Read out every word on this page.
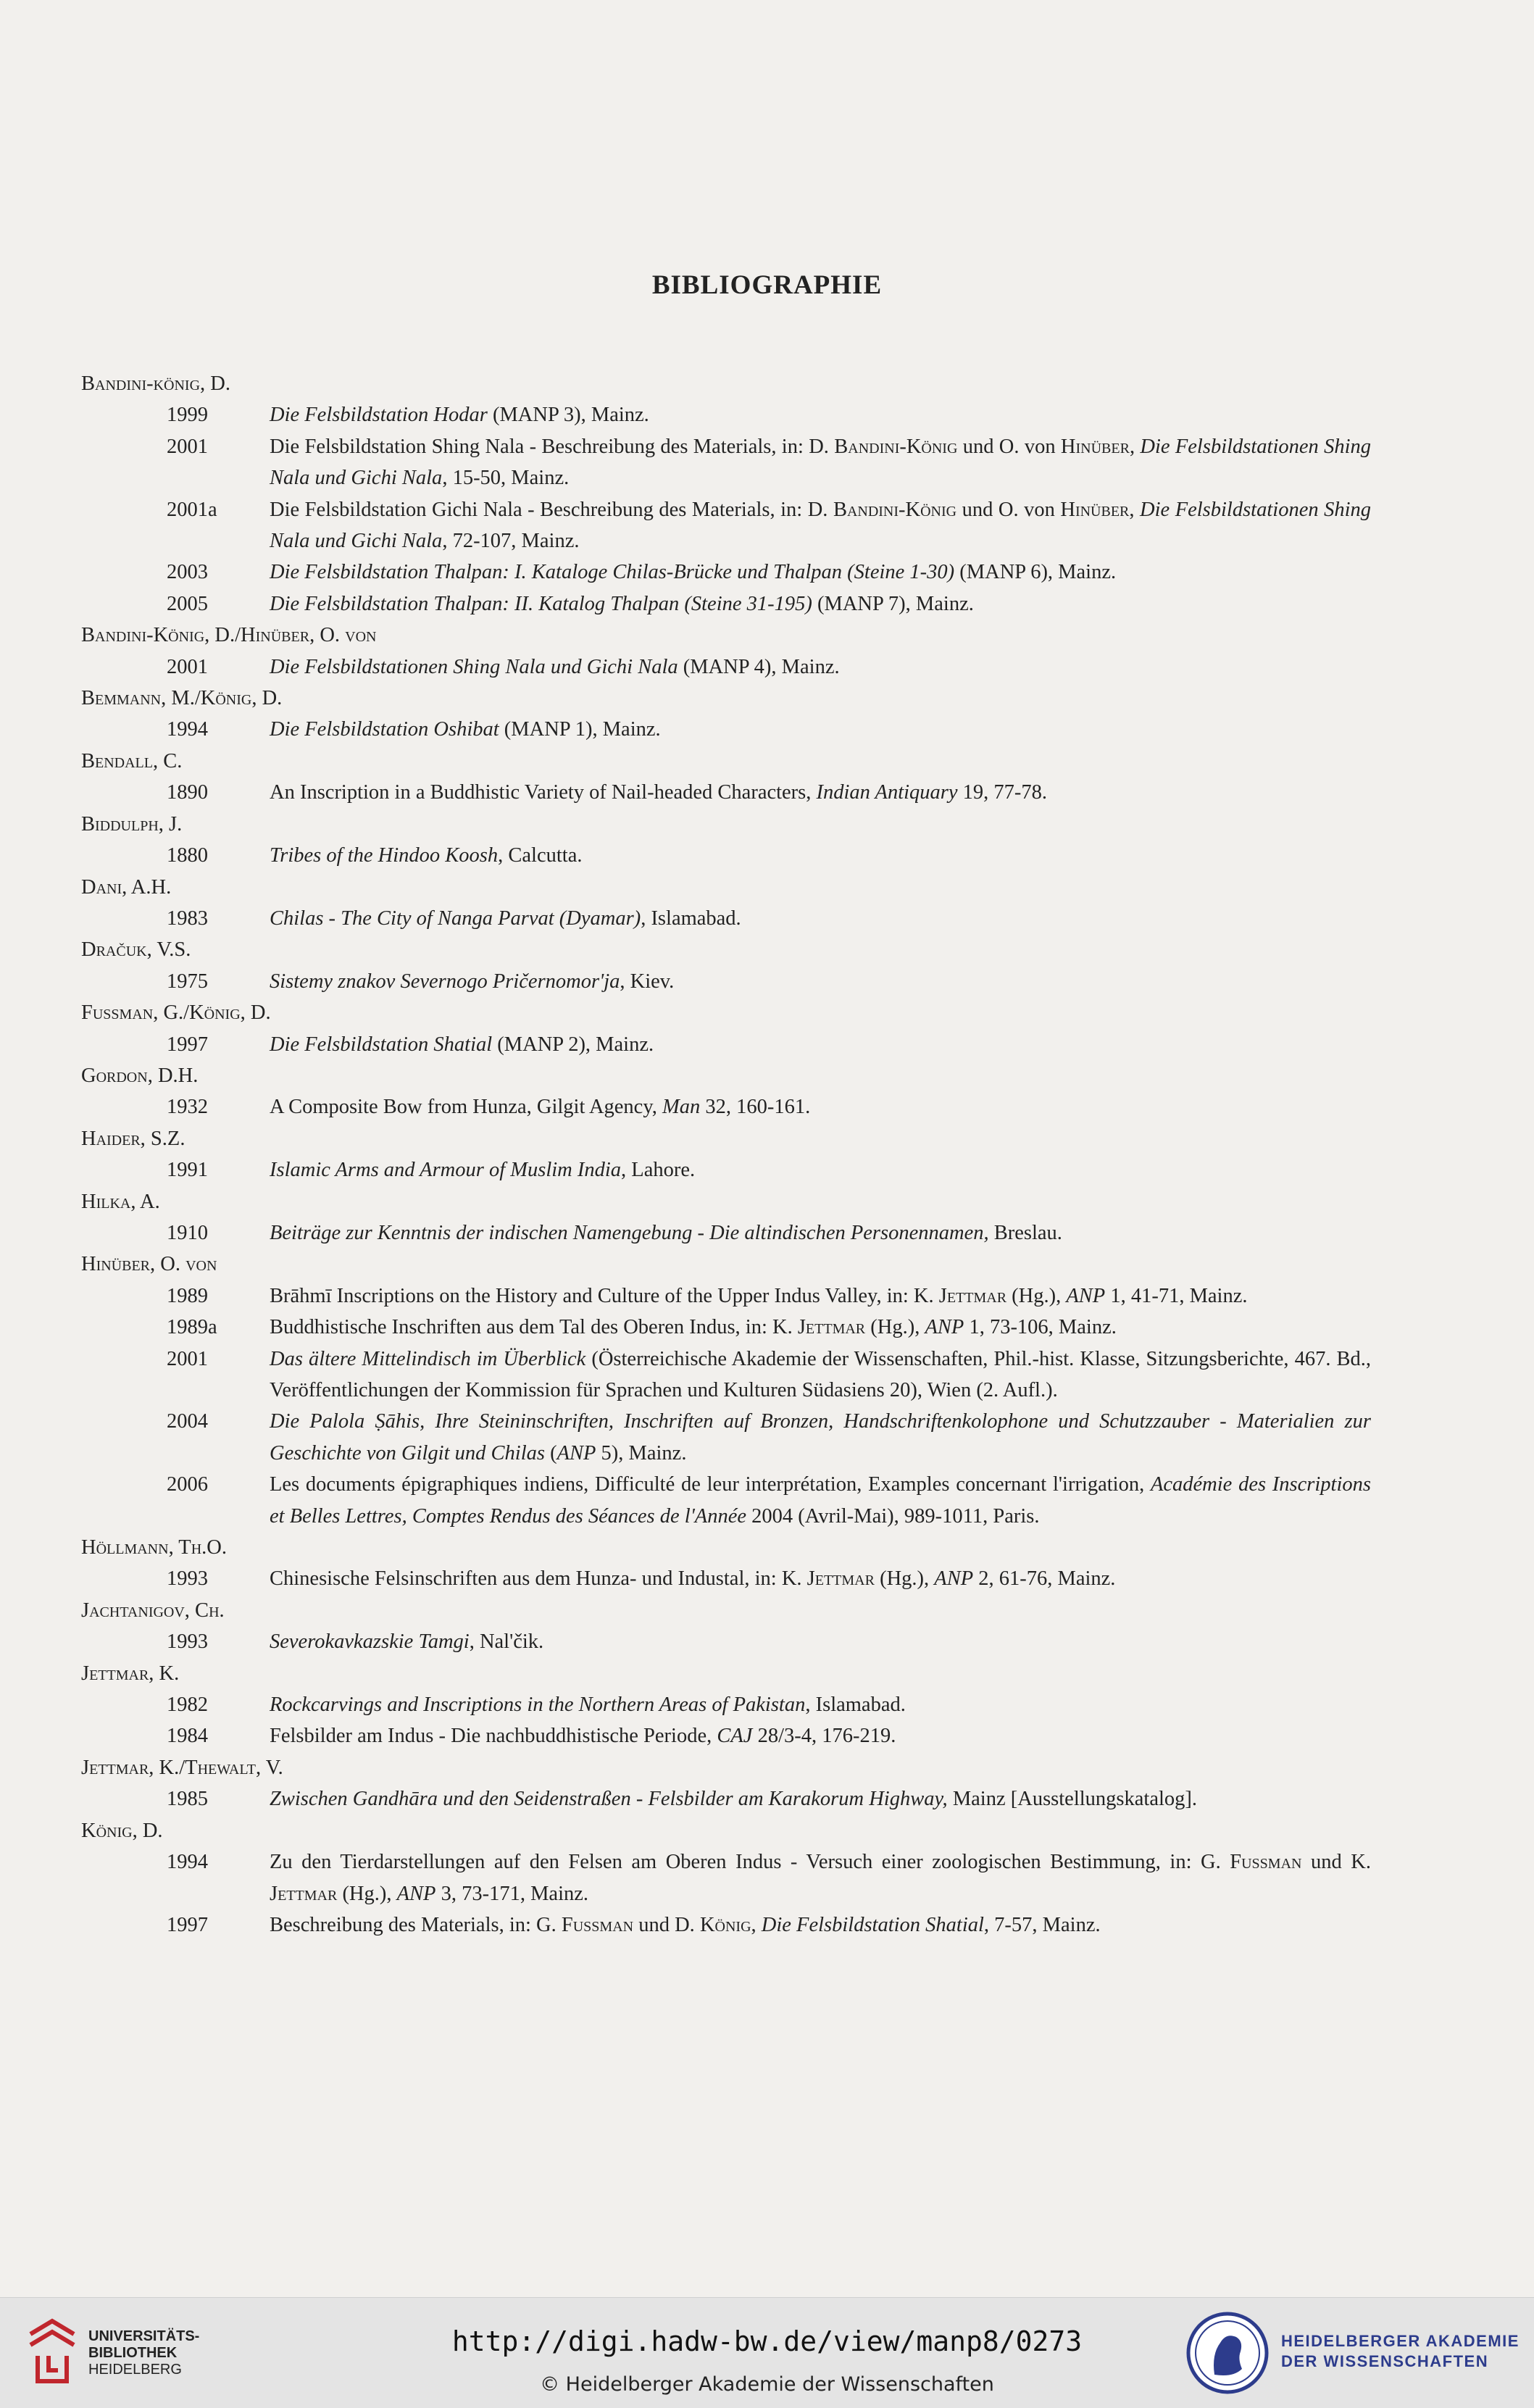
BIBLIOGRAPHIE
Bandini-könig, D.
1999	Die Felsbildstation Hodar (MANP 3), Mainz.
2001	Die Felsbildstation Shing Nala - Beschreibung des Materials, in: D. Bandini-König und O. von Hinüber, Die Felsbildstationen Shing Nala und Gichi Nala, 15-50, Mainz.
2001a	Die Felsbildstation Gichi Nala - Beschreibung des Materials, in: D. Bandini-König und O. von Hinüber, Die Felsbildstationen Shing Nala und Gichi Nala, 72-107, Mainz.
2003	Die Felsbildstation Thalpan: I. Kataloge Chilas-Brücke und Thalpan (Steine 1-30) (MANP 6), Mainz.
2005	Die Felsbildstation Thalpan: II. Katalog Thalpan (Steine 31-195) (MANP 7), Mainz.
Bandini-König, D./Hinüber, O. von
2001	Die Felsbildstationen Shing Nala und Gichi Nala (MANP 4), Mainz.
Bemmann, M./König, D.
1994	Die Felsbildstation Oshibat (MANP 1), Mainz.
Bendall, C.
1890	An Inscription in a Buddhistic Variety of Nail-headed Characters, Indian Antiquary 19, 77-78.
Biddulph, J.
1880	Tribes of the Hindoo Koosh, Calcutta.
Dani, A.H.
1983	Chilas - The City of Nanga Parvat (Dyamar), Islamabad.
Dračuk, V.S.
1975	Sistemy znakov Severnogo Pričernomor'ja, Kiev.
Fussman, G./König, D.
1997	Die Felsbildstation Shatial (MANP 2), Mainz.
Gordon, D.H.
1932	A Composite Bow from Hunza, Gilgit Agency, Man 32, 160-161.
Haider, S.Z.
1991	Islamic Arms and Armour of Muslim India, Lahore.
Hilka, A.
1910	Beiträge zur Kenntnis der indischen Namengebung - Die altindischen Personennamen, Breslau.
Hinüber, O. von
1989	Brāhmī Inscriptions on the History and Culture of the Upper Indus Valley, in: K. Jettmar (Hg.), ANP 1, 41-71, Mainz.
1989a	Buddhistische Inschriften aus dem Tal des Oberen Indus, in: K. Jettmar (Hg.), ANP 1, 73-106, Mainz.
2001	Das ältere Mittelindisch im Überblick (Österreichische Akademie der Wissenschaften, Phil.-hist. Klasse, Sitzungsberichte, 467. Bd., Veröffentlichungen der Kommission für Sprachen und Kulturen Südasiens 20), Wien (2. Aufl.).
2004	Die Palola Ṣāhis, Ihre Steininschriften, Inschriften auf Bronzen, Handschriftenkolophone und Schutzzauber - Materialien zur Geschichte von Gilgit und Chilas (ANP 5), Mainz.
2006	Les documents épigraphiques indiens, Difficulté de leur interprétation, Examples concernant l'irrigation, Académie des Inscriptions et Belles Lettres, Comptes Rendus des Séances de l'Année 2004 (Avril-Mai), 989-1011, Paris.
Höllmann, Th.O.
1993	Chinesische Felsinschriften aus dem Hunza- und Industal, in: K. Jettmar (Hg.), ANP 2, 61-76, Mainz.
Jachtanigov, Ch.
1993	Severokavkazskie Tamgi, Nal'čik.
Jettmar, K.
1982	Rockcarvings and Inscriptions in the Northern Areas of Pakistan, Islamabad.
1984	Felsbilder am Indus - Die nachbuddhistische Periode, CAJ 28/3-4, 176-219.
Jettmar, K./Thewalt, V.
1985	Zwischen Gandhāra und den Seidenstraßen - Felsbilder am Karakorum Highway, Mainz [Ausstellungskatalog].
König, D.
1994	Zu den Tierdarstellungen auf den Felsen am Oberen Indus - Versuch einer zoologischen Bestimmung, in: G. Fussman und K. Jettmar (Hg.), ANP 3, 73-171, Mainz.
1997	Beschreibung des Materials, in: G. Fussman und D. König, Die Felsbildstation Shatial, 7-57, Mainz.
UNIVERSITÄTS-
BIBLIOTHEK
HEIDELBERG
http://digi.hadw-bw.de/view/manp8/0273
© Heidelberger Akademie der Wissenschaften
HEIDELBERGER AKADEMIE
DER WISSENSCHAFTEN
